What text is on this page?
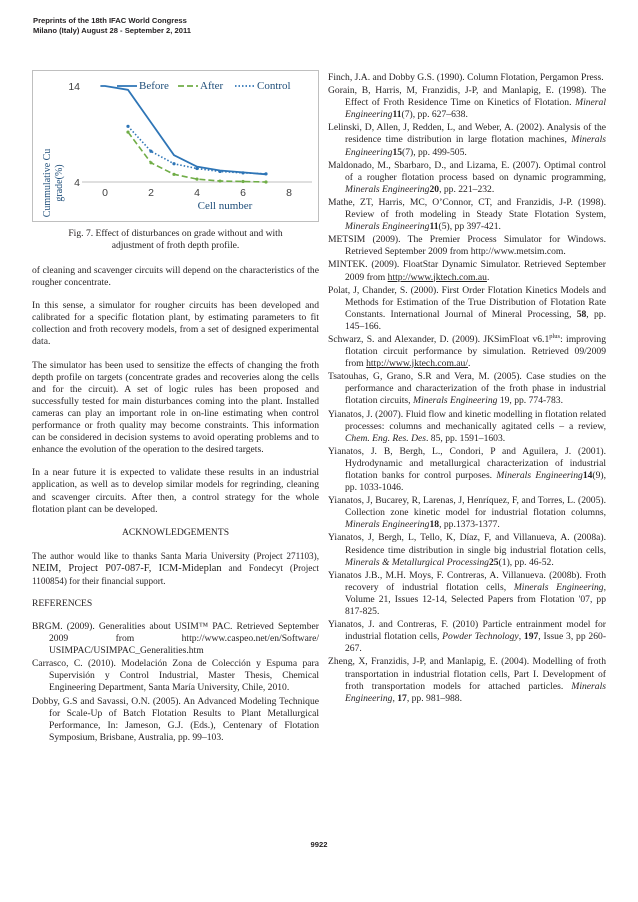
Preprints of the 18th IFAC World Congress
Milano (Italy) August 28 - September 2, 2011
0	2	4	6	8
14
4
Cummulative Cu grade(%)
Cell number
Before	After	Control
Fig. 7. Effect of disturbances on grade without and with
adjustment of froth depth profile.

of cleaning and scavenger circuits will depend on the characteristics of the rougher concentrate.

In this sense, a simulator for rougher circuits has been developed and calibrated for a specific flotation plant, by estimating parameters to fit collection and froth recovery models, from a set of designed experimental data.

The simulator has been used to sensitize the effects of changing the froth depth profile on targets (concentrate grades and recoveries along the cells and for the circuit). A set of logic rules has been proposed and successfully tested for main disturbances coming into the plant. Installed cameras can play an important role in on-line estimating when control performance or froth quality may become constraints. This information can be considered in decision systems to avoid operating problems and to enhance the evolution of the operation to the desired targets.

In a near future it is expected to validate these results in an industrial application, as well as to develop similar models for regrinding, cleaning and scavenger circuits. After then, a control strategy for the whole flotation plant can be developed.

ACKNOWLEDGEMENTS

The author would like to thanks Santa Maria University (Project 271103), NEIM, Project P07-087-F, ICM-Mideplan and Fondecyt (Project 1100854) for their financial support.

REFERENCES

BRGM. (2009). Generalities about USIM™ PAC. Retrieved September 2009 from http://www.caspeo.net/en/Software/ USIMPAC/USIMPAC_Generalities.htm

Carrasco, C. (2010). Modelación Zona de Colección y Espuma para Supervisión y Control Industrial, Master Thesis, Chemical Engineering Department, Santa María University, Chile, 2010.

Dobby, G.S and Savassi, O.N. (2005). An Advanced Modeling Technique for Scale-Up of Batch Flotation Results to Plant Metallurgical Performance, In: Jameson, G.J. (Eds.), Centenary of Flotation Symposium, Brisbane, Australia, pp. 99–103.

Finch, J.A. and Dobby G.S. (1990). Column Flotation, Pergamon Press.

Gorain, B, Harris, M, Franzidis, J-P, and Manlapig, E. (1998). The Effect of Froth Residence Time on Kinetics of Flotation. Mineral Engineering11(7), pp. 627–638.

Lelinski, D, Allen, J, Redden, L, and Weber, A. (2002). Analysis of the residence time distribution in large flotation machines, Minerals Engineering15(7), pp. 499-505.

Maldonado, M., Sbarbaro, D., and Lizama, E. (2007). Optimal control of a rougher flotation process based on dynamic programming, Minerals Engineering20, pp. 221–232.

Mathe, ZT, Harris, MC, O’Connor, CT, and Franzidis, J-P. (1998). Review of froth modeling in Steady State Flotation System, Minerals Engineering11(5), pp 397-421.

METSIM (2009). The Premier Process Simulator for Windows. Retrieved September 2009 from http://www.metsim.com.

MINTEK. (2009). FloatStar Dynamic Simulator. Retrieved September 2009 from http://www.jktech.com.au.

Polat, J, Chander, S. (2000). First Order Flotation Kinetics Models and Methods for Estimation of the True Distribution of Flotation Rate Constants. International Journal of Mineral Processing, 58, pp. 145–166.

Schwarz, S. and Alexander, D. (2009). JKSimFloat $v6.1^{plus}$: improving flotation circuit performance by simulation. Retrieved 09/2009 from http://www.jktech.com.au/.

Tsatouhas, G, Grano, S.R and Vera, M. (2005). Case studies on the performance and characterization of the froth phase in industrial flotation circuits, Minerals Engineering 19, pp. 774-783.

Yianatos, J. (2007). Fluid flow and kinetic modelling in flotation related processes: columns and mechanically agitated cells – a review, Chem. Eng. Res. Des. 85, pp. 1591–1603.

Yianatos, J. B, Bergh, L., Condori, P and Aguilera, J. (2001). Hydrodynamic and metallurgical characterization of industrial flotation banks for control purposes. Minerals Engineering14(9), pp. 1033-1046.

Yianatos, J, Bucarey, R, Larenas, J, Henríquez, F, and Torres, L. (2005). Collection zone kinetic model for industrial flotation columns, Minerals Engineering18, pp.1373-1377.

Yianatos, J, Bergh, L, Tello, K, Díaz, F, and Villanueva, A. (2008a). Residence time distribution in single big industrial flotation cells, Minerals & Metallurgical Processing25(1), pp. 46-52.

Yianatos J.B., M.H. Moys, F. Contreras, A. Villanueva. (2008b). Froth recovery of industrial flotation cells, Minerals Engineering, Volume 21, Issues 12-14, Selected Papers from Flotation '07, pp 817-825.

Yianatos, J. and Contreras, F. (2010) Particle entrainment model for industrial flotation cells, Powder Technology, 197, Issue 3, pp 260-267.

Zheng, X, Franzidis, J-P, and Manlapig, E. (2004). Modelling of froth transportation in industrial flotation cells, Part I. Development of froth transportation models for attached particles. Minerals Engineering, 17, pp. 981–988.

9922
